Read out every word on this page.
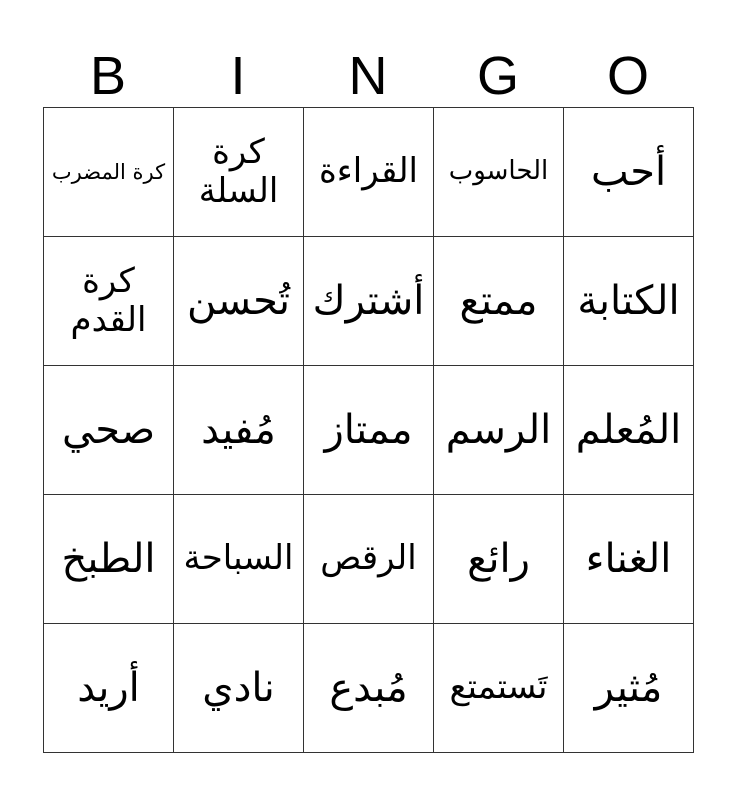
B	I	N	G	O
كرة المضرب	كرة السلة	القراءة	الحاسوب	أحب
كرة القدم	تُحسن	أشترك	ممتع	الكتابة
صحي	مُفيد	ممتاز	الرسم	المُعلم
الطبخ	السباحة	الرقص	رائع	الغناء
أريد	نادي	مُبدع	تَستمتع	مُثير
